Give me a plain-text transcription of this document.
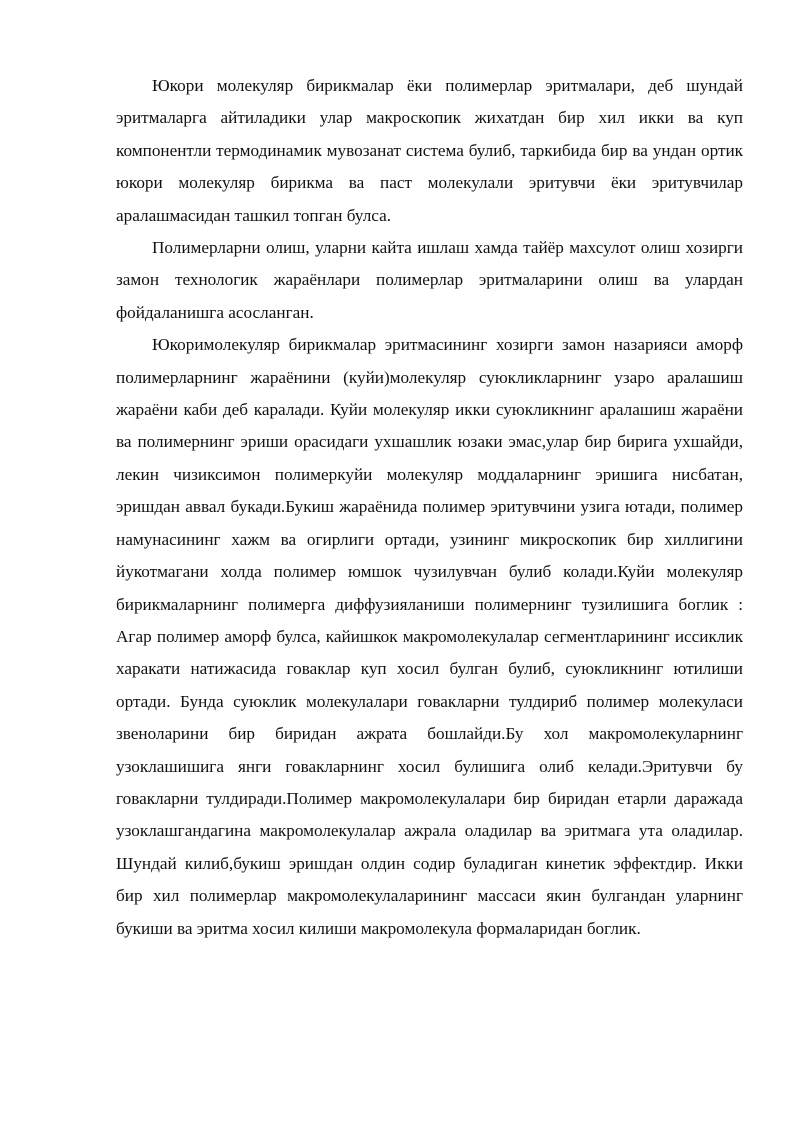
Юкори молекуляр бирикмалар ёки полимерлар эритмалари, деб шундай эритмаларга айтиладики улар макроскопик жихатдан бир хил икки ва куп компонентли термодинамик мувозанат система булиб, таркибида бир ва ундан ортик юкори молекуляр бирикма ва паст молекулали эритувчи ёки эритувчилар аралашмасидан ташкил топган булса.

Полимерларни олиш, уларни кайта ишлаш хамда тайёр махсулот олиш хозирги замон технологик жараёнлари полимерлар эритмаларини олиш ва улардан фойдаланишга асосланган.

Юкоримолекуляр бирикмалар эритмасининг хозирги замон назарияси аморф полимерларнинг жараёнини (куйи)молекуляр суюкликларнинг узаро аралашиш жараёни каби деб каралади. Куйи молекуляр икки суюкликнинг аралашиш жараёни ва полимернинг эриши орасидаги ухшашлик юзаки эмас,улар бир бирига ухшайди, лекин чизиксимон полимеркуйи молекуляр моддаларнинг эришига нисбатан, эришдан аввал букади.Букиш жараёнида полимер эритувчини узига ютади, полимер намунасининг хажм ва огирлиги ортади, узининг микроскопик бир хиллигини йукотмагани холда полимер юмшок чузилувчан булиб колади.Куйи молекуляр бирикмаларнинг полимерга диффузияланиши полимернинг тузилишига боглик : Агар полимер аморф булса, кайишкок макромолекулалар сегментларининг иссиклик харакати натижасида говаклар куп хосил булган булиб, суюкликнинг ютилиши ортади. Бунда суюклик молекулалари говакларни тулдириб полимер молекуласи звеноларини бир биридан ажрата бошлайди.Бу хол макромолекуларнинг узоклашишига янги говакларнинг хосил булишига олиб келади.Эритувчи бу говакларни тулдиради.Полимер макромолекулалари бир биридан етарли даражада узоклашгандагина макромолекулалар ажрала оладилар ва эритмага ута оладилар. Шундай килиб,букиш эришдан олдин содир буладиган кинетик эффектдир. Икки бир хил полимерлар макромолекулаларининг массаси якин булгандан уларнинг букиши ва эритма хосил килиши макромолекула формаларидан боглик.
